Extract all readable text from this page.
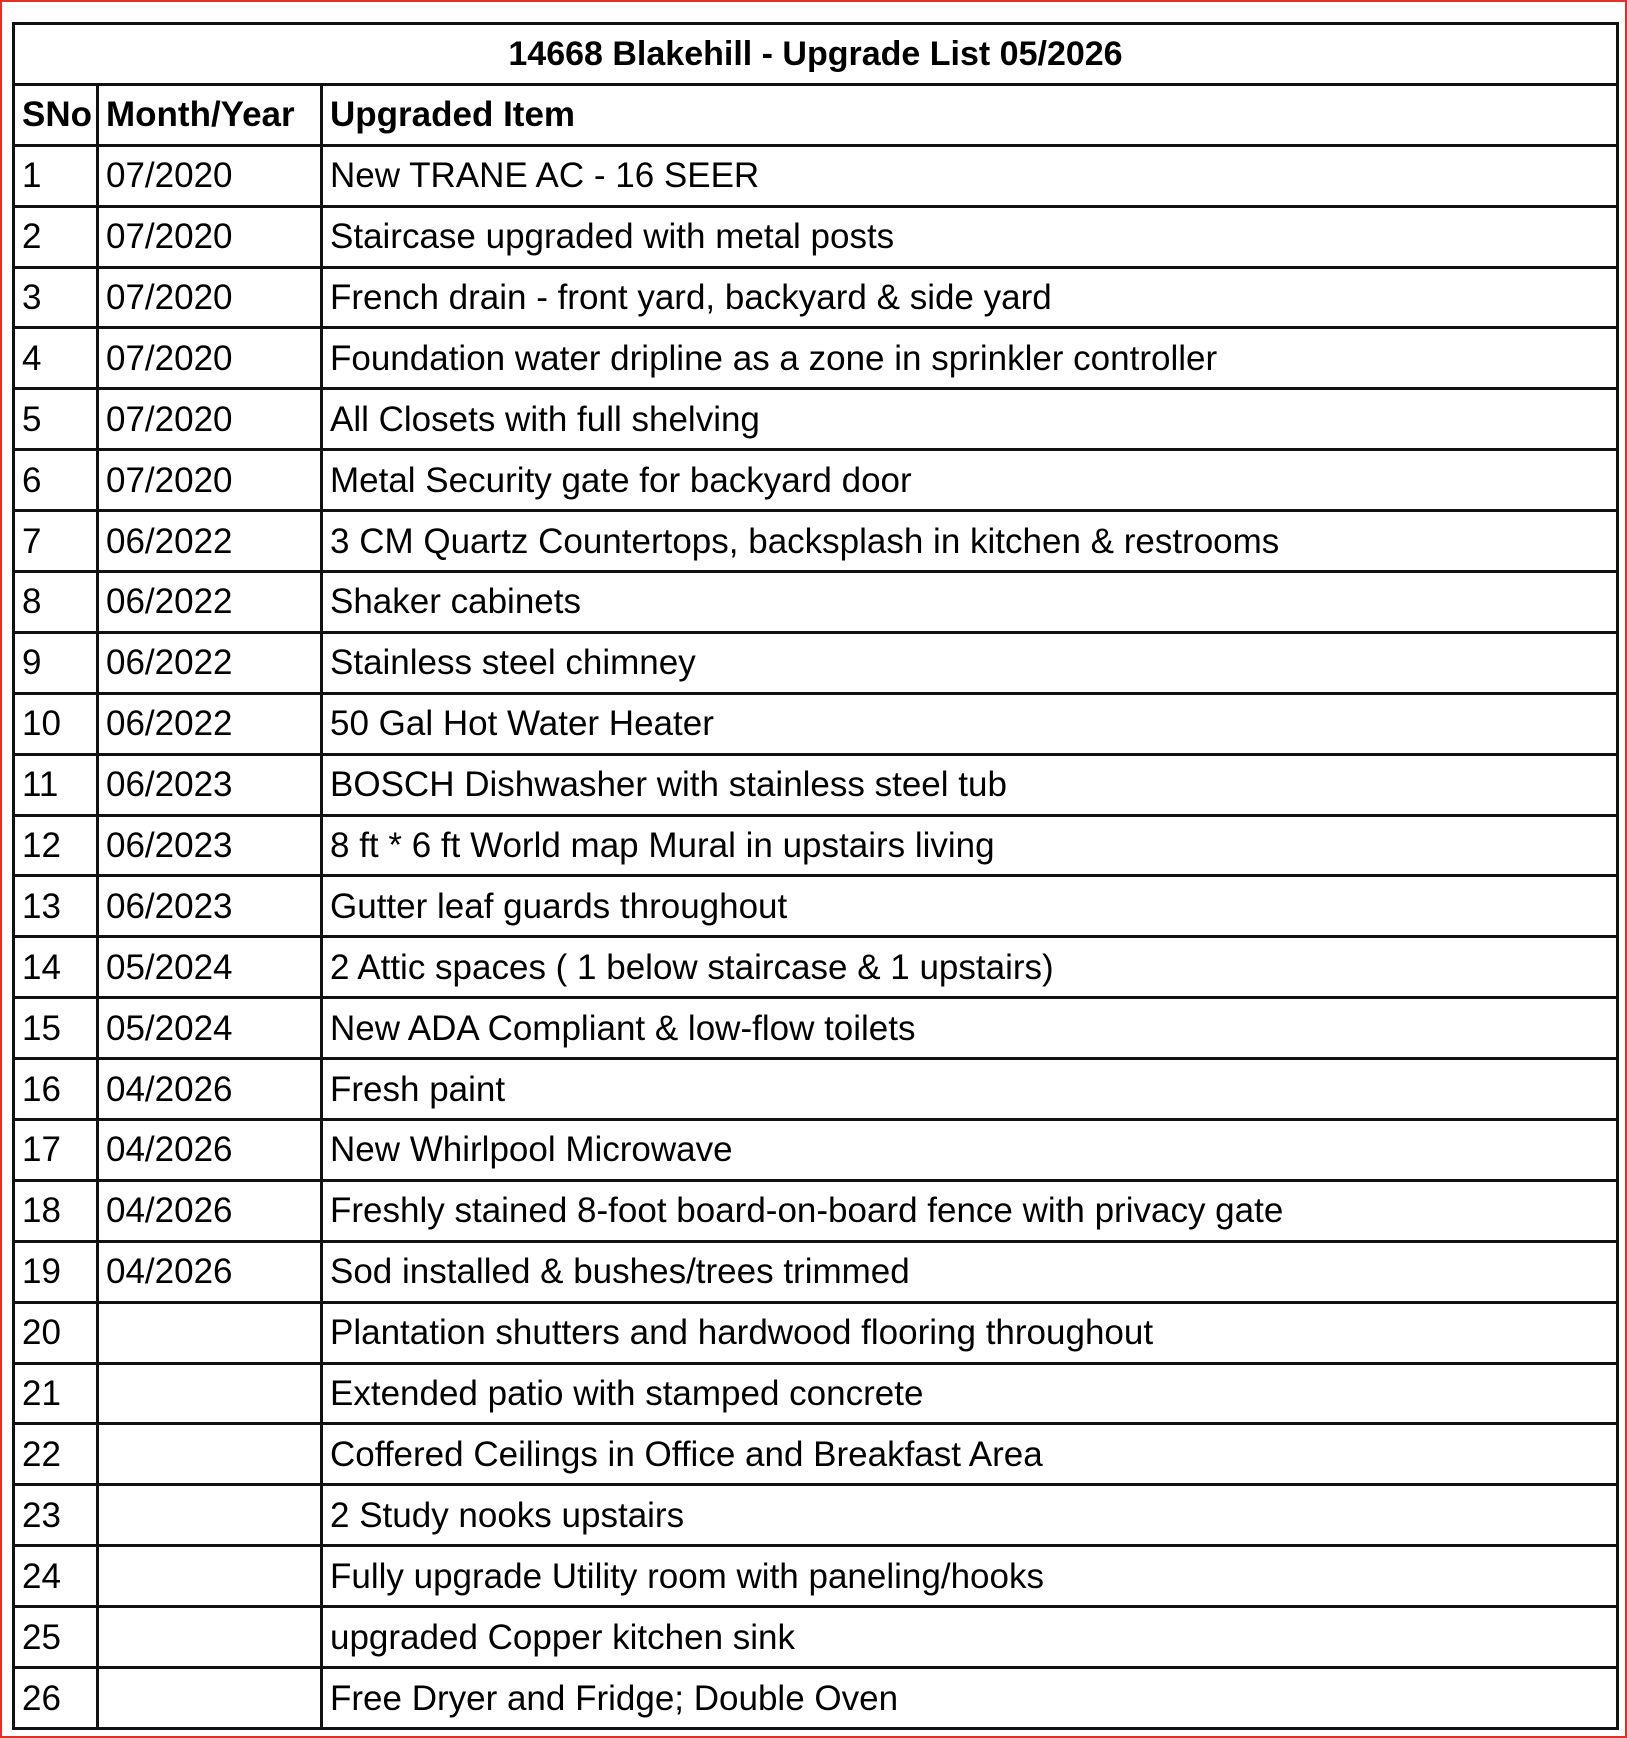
14668 Blakehill - Upgrade List 05/2026		
SNo	Month/Year	Upgraded Item
1	07/2020	New TRANE AC - 16 SEER
2	07/2020	Staircase upgraded with metal posts
3	07/2020	French drain - front yard, backyard & side yard
4	07/2020	Foundation water dripline as a zone in sprinkler controller
5	07/2020	All Closets with full shelving
6	07/2020	Metal Security gate for backyard door
7	06/2022	3 CM Quartz Countertops, backsplash in kitchen & restrooms
8	06/2022	Shaker cabinets
9	06/2022	Stainless steel chimney
10	06/2022	50 Gal Hot Water Heater
11	06/2023	BOSCH Dishwasher with stainless steel tub
12	06/2023	8 ft * 6 ft World map Mural in upstairs living
13	06/2023	Gutter leaf guards throughout
14	05/2024	2 Attic spaces ( 1 below staircase & 1 upstairs)
15	05/2024	New ADA Compliant & low-flow toilets
16	04/2026	Fresh paint
17	04/2026	New Whirlpool Microwave
18	04/2026	Freshly stained 8-foot board-on-board fence with privacy gate
19	04/2026	Sod installed & bushes/trees trimmed
20		Plantation shutters and hardwood flooring throughout
21		Extended patio with stamped concrete
22		Coffered Ceilings in Office and Breakfast Area
23		2 Study nooks upstairs
24		Fully upgrade Utility room with paneling/hooks
25		upgraded Copper kitchen sink
26		Free Dryer and Fridge; Double Oven
